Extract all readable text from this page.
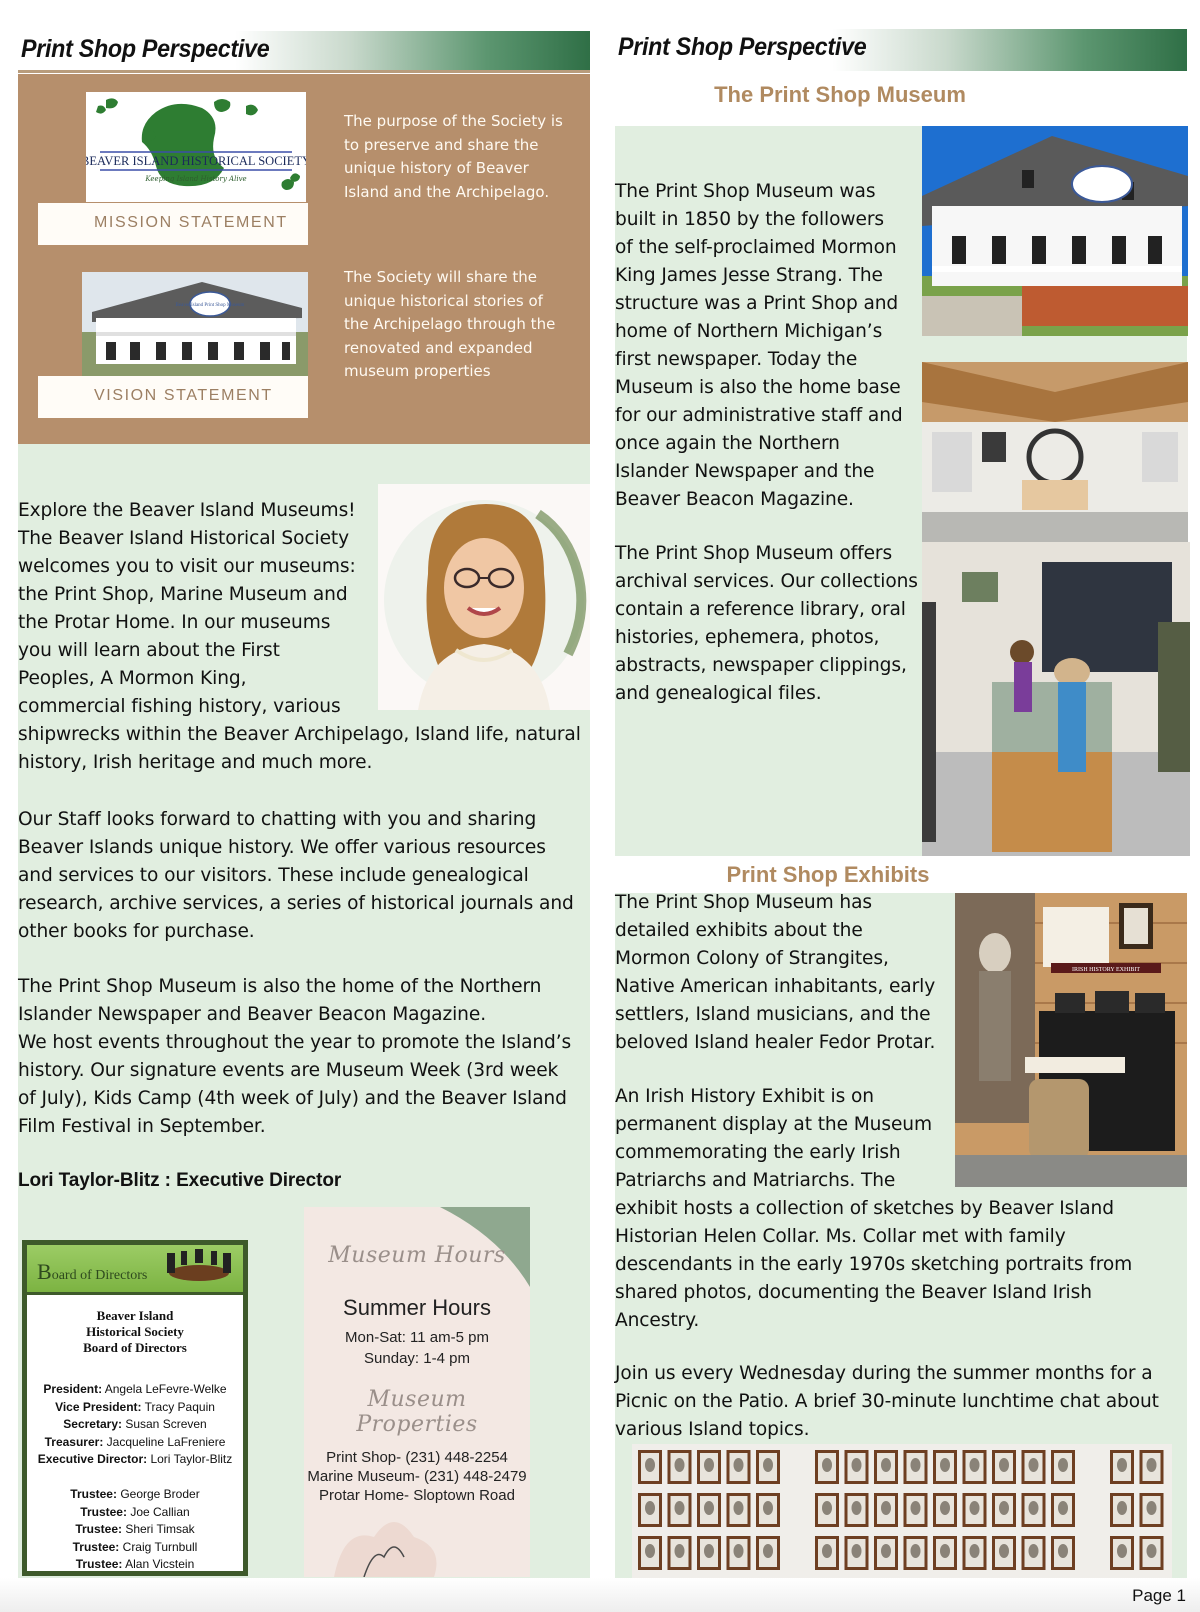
Print Shop Perspective
BEAVER ISLAND HISTORICAL SOCIETY
Keeping Island History Alive
MISSION STATEMENT
The purpose of the Society is to preserve and share the unique history of Beaver Island and the Archipelago.
Beaver Island Print Shop Museum
VISION STATEMENT
The Society will share the unique historical stories of the Archipelago through the renovated and expanded museum properties

Explore the Beaver Island Museums!
The Beaver Island Historical Society
welcomes you to visit our museums:
the Print Shop, Marine Museum and
the Protar Home. In our museums
you will learn about the First
Peoples, A Mormon King,
commercial fishing history, various
shipwrecks within the Beaver Archipelago, Island life, natural
history, Irish heritage and much more.

Our Staff looks forward to chatting with you and sharing
Beaver Islands unique history. We offer various resources
and services to our visitors. These include genealogical
research, archive services, a series of historical journals and
other books for purchase.

The Print Shop Museum is also the home of the Northern
Islander Newspaper and Beaver Beacon Magazine.
We host events throughout the year to promote the Island’s
history. Our signature events are Museum Week (3rd week
of July), Kids Camp (4th week of July) and the Beaver Island
Film Festival in September.

Lori Taylor-Blitz : Executive Director
Board of Directors
Beaver Island
Historical Society
Board of Directors
President: Angela LeFevre-Welke
Vice President: Tracy Paquin
Secretary: Susan Screven
Treasurer: Jacqueline LaFreniere
Executive Director: Lori Taylor-Blitz
Trustee: George Broder
Trustee: Joe Callian
Trustee: Sheri Timsak
Trustee: Craig Turnbull
Trustee: Alan Vicstein
Museum Hours
Summer Hours
Mon-Sat: 11 am-5 pm
Sunday: 1-4 pm
Museum Properties
Print Shop- (231) 448-2254
Marine Museum- (231) 448-2479
Protar Home- Sloptown Road
Print Shop Perspective
The Print Shop Museum

The Print Shop Museum was
built in 1850 by the followers
of the self-proclaimed Mormon
King James Jesse Strang. The
structure was a Print Shop and
home of Northern Michigan’s
first newspaper. Today the
Museum is also the home base
for our administrative staff and
once again the Northern
Islander Newspaper and the
Beaver Beacon Magazine.

The Print Shop Museum offers
archival services. Our collections
contain a reference library, oral
histories, ephemera, photos,
abstracts, newspaper clippings,
and genealogical files.

Print Shop Exhibits
IRISH HISTORY EXHIBIT

The Print Shop Museum has
detailed exhibits about the
Mormon Colony of Strangites,
Native American inhabitants, early
settlers, Island musicians, and the
beloved Island healer Fedor Protar.

An Irish History Exhibit is on
permanent display at the Museum
commemorating the early Irish
Patriarchs and Matriarchs. The
exhibit hosts a collection of sketches by Beaver Island
Historian Helen Collar. Ms. Collar met with family
descendants in the early 1970s sketching portraits from
shared photos, documenting the Beaver Island Irish
Ancestry.

Join us every Wednesday during the summer months for a
Picnic on the Patio. A brief 30-minute lunchtime chat about
various Island topics.

Page 1
